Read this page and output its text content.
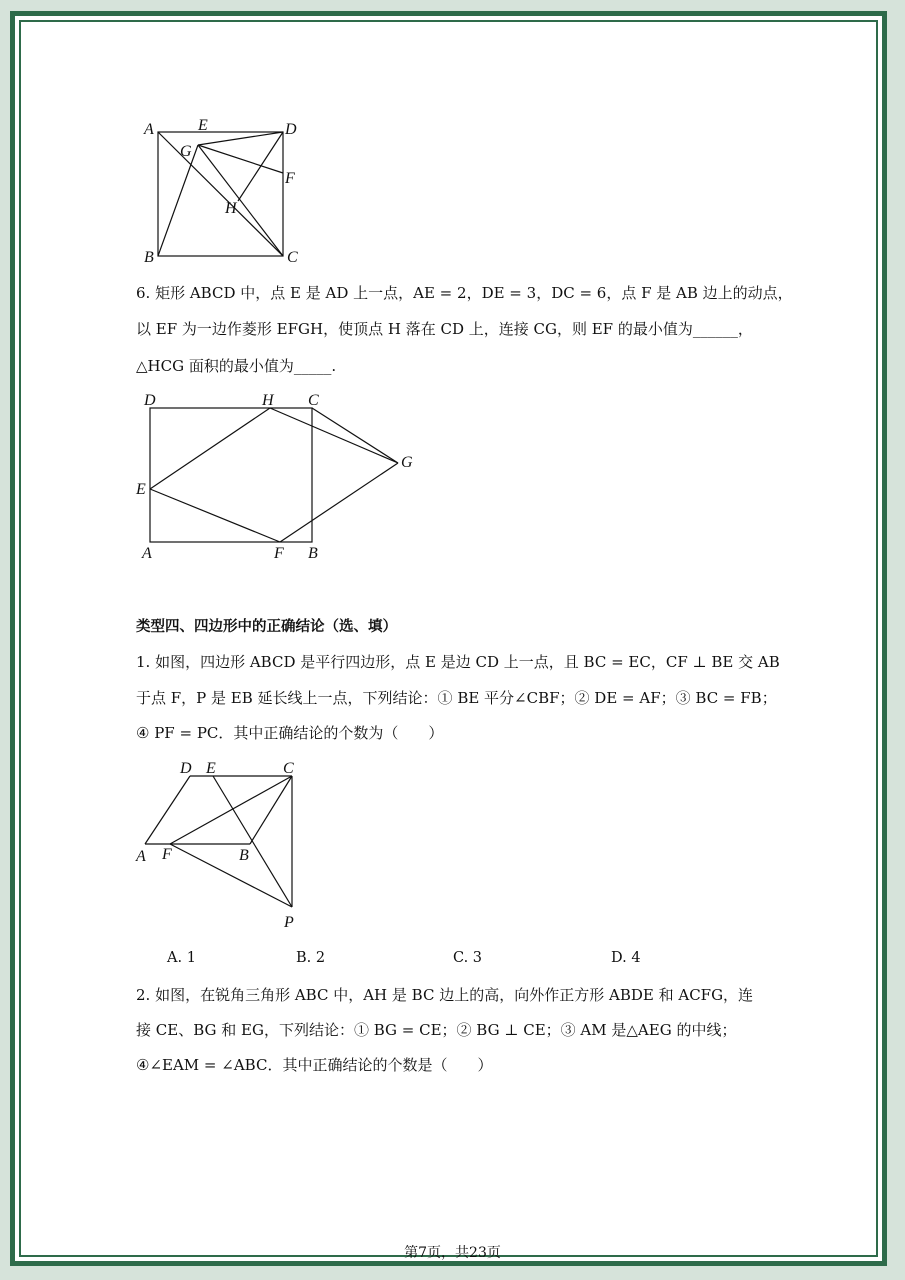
A	E	D
G
F
H
B	C
6. 矩形 ABCD 中，点 E 是 AD 上一点，AE = 2，DE = 3，DC = 6，点 F 是 AB 边上的动点，
以 EF 为一边作菱形 EFGH，使顶点 H 落在 CD 上，连接 CG，则 EF 的最小值为______，
△HCG 面积的最小值为_____.
D	H C
G
E
A	F B
类型四、四边形中的正确结论（选、填）
1. 如图，四边形 ABCD 是平行四边形，点 E 是边 CD 上一点，且 BC = EC，CF ⊥ BE 交 AB
于点 F，P 是 EB 延长线上一点，下列结论：① BE 平分∠CBF；② DE = AF；③ BC = FB；
④ PF = PC．其中正确结论的个数为（　　）
D E	C
A F	B
P
A. 1	B. 2	C. 3	D. 4
2. 如图，在锐角三角形 ABC 中，AH 是 BC 边上的高，向外作正方形 ABDE 和 ACFG，连
接 CE、BG 和 EG，下列结论：① BG = CE；② BG ⊥ CE；③ AM 是△AEG 的中线；
④∠EAM = ∠ABC．其中正确结论的个数是（　　）
第7页，共23页
